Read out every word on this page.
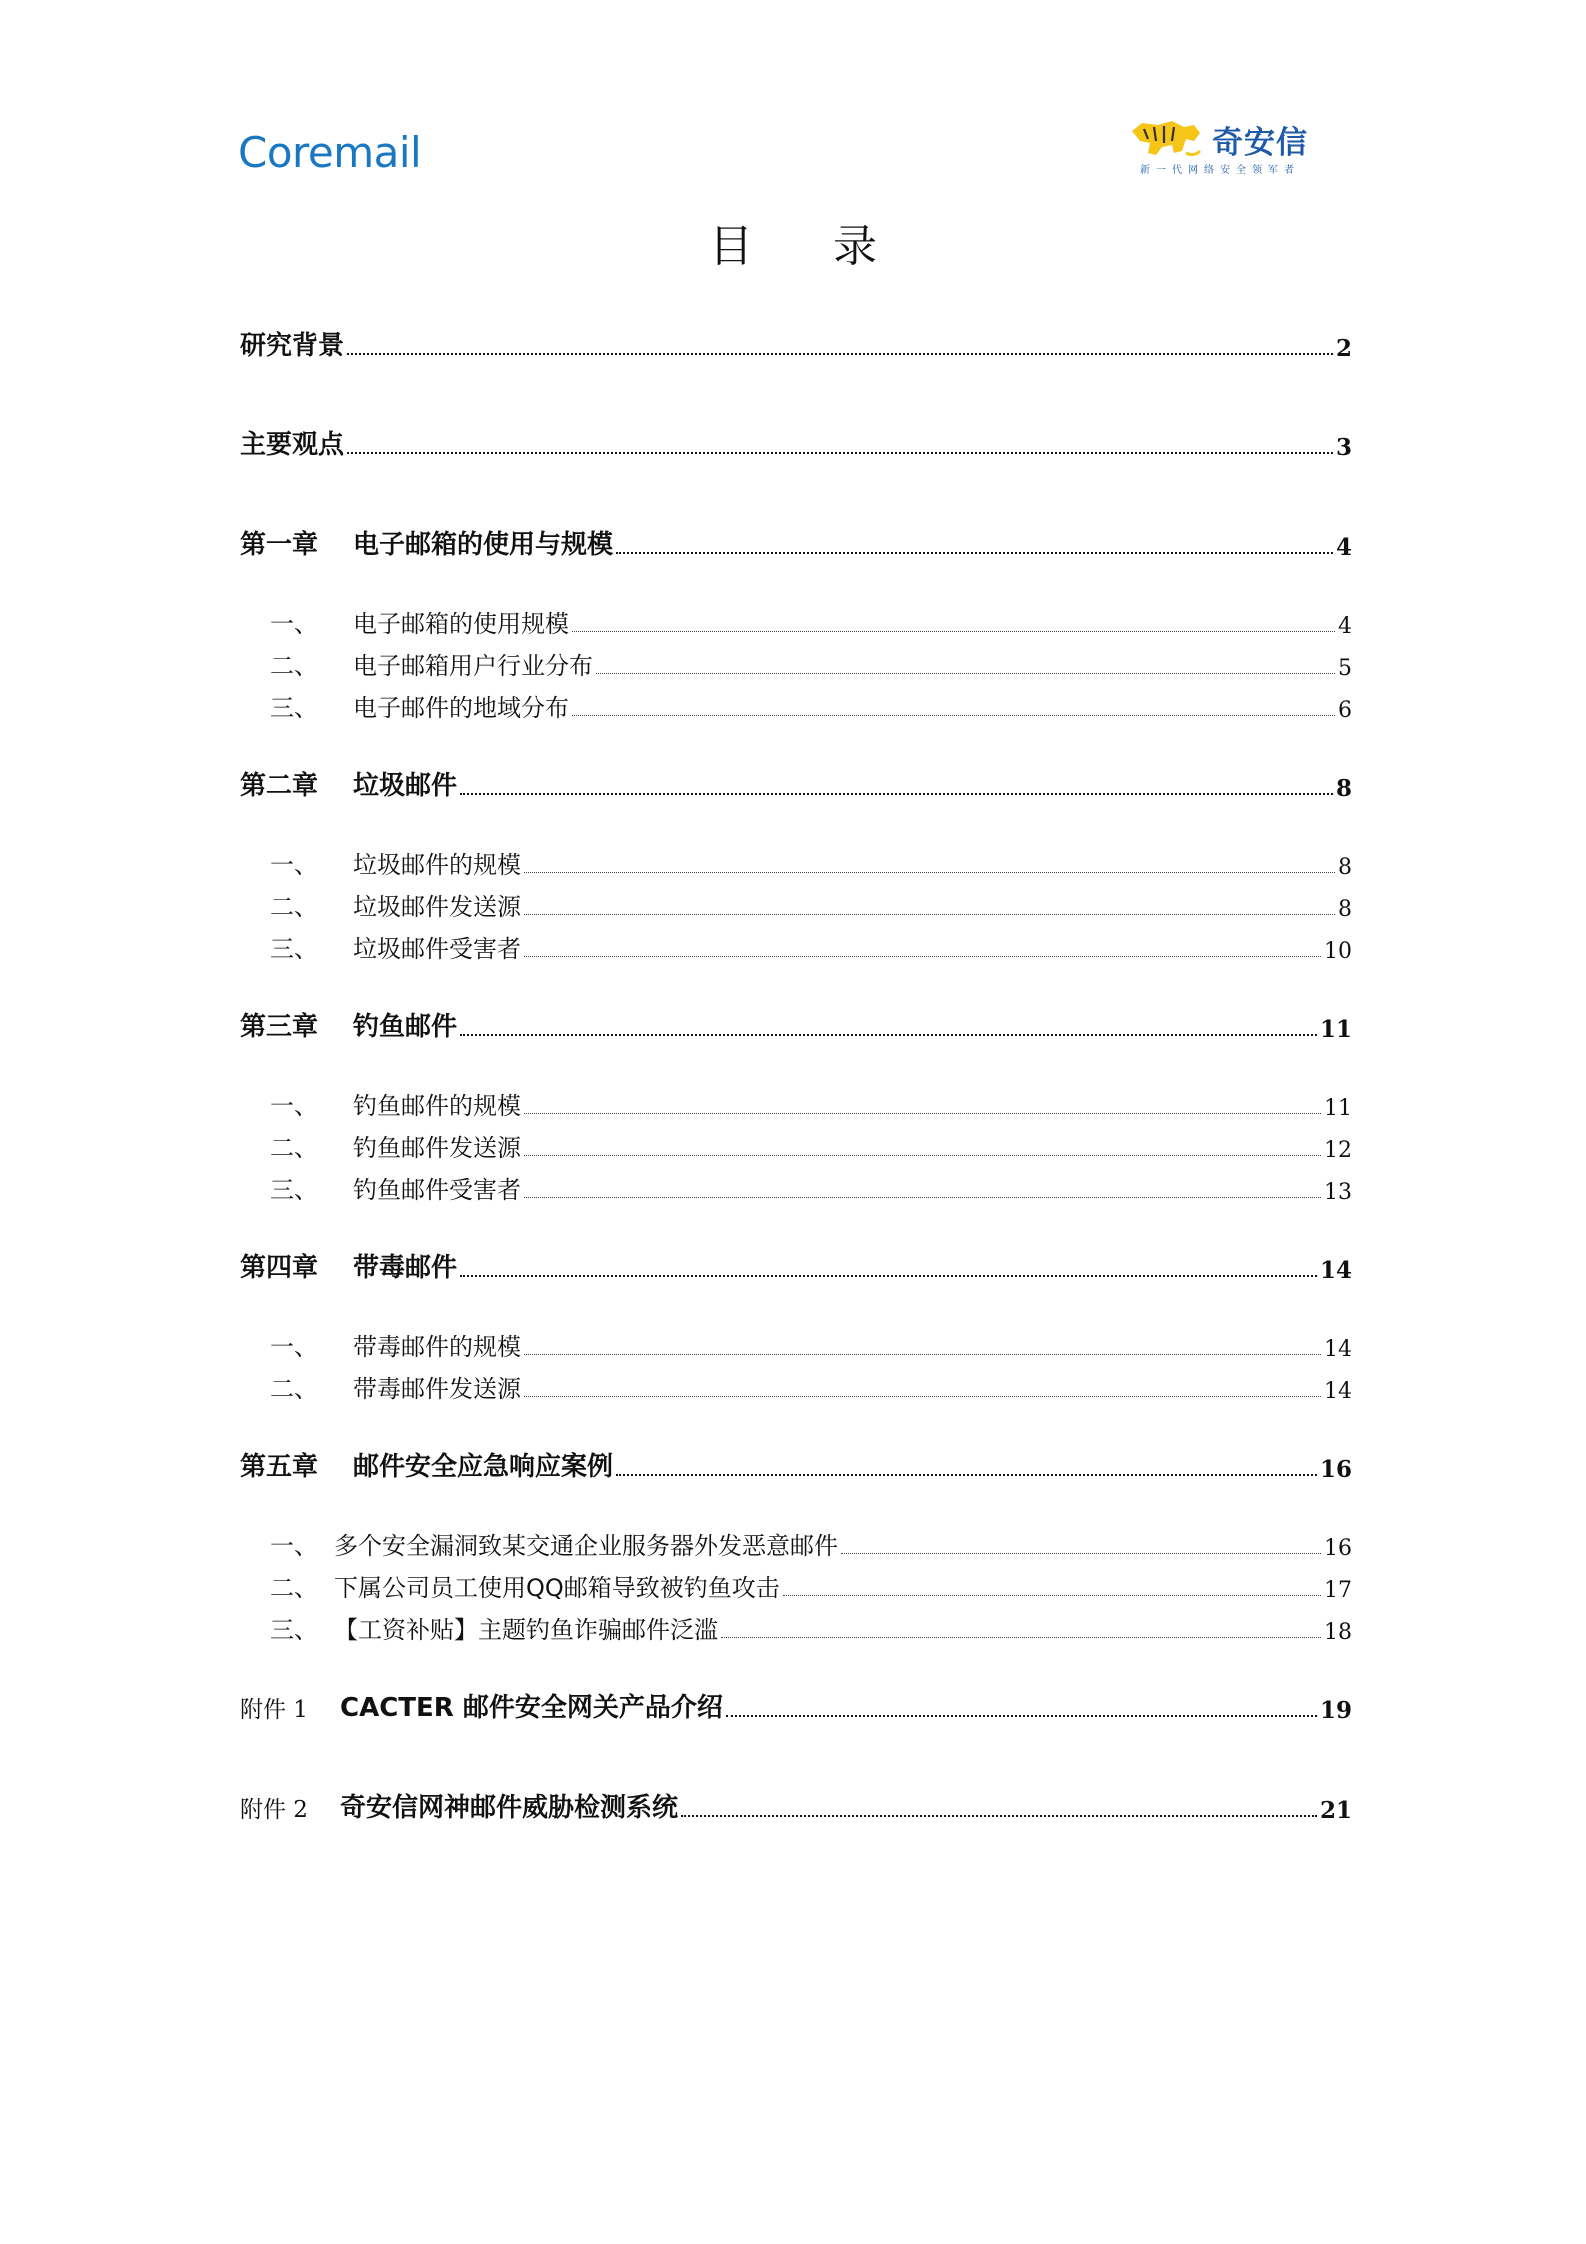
Coremail	奇安信
新一代网络安全领军者
目录
研究背景	2
主要观点	3
第一章	电子邮箱的使用与规模	4
一、	电子邮箱的使用规模	4
二、	电子邮箱用户行业分布	5
三、	电子邮件的地域分布	6
第二章	垃圾邮件	8
一、	垃圾邮件的规模	8
二、	垃圾邮件发送源	8
三、	垃圾邮件受害者	10
第三章	钓鱼邮件	11
一、	钓鱼邮件的规模	11
二、	钓鱼邮件发送源	12
三、	钓鱼邮件受害者	13
第四章	带毒邮件	14
一、	带毒邮件的规模	14
二、	带毒邮件发送源	14
第五章	邮件安全应急响应案例	16
一、 多个安全漏洞致某交通企业服务器外发恶意邮件	16
二、 下属公司员工使用QQ邮箱导致被钓鱼攻击	17
三、 【工资补贴】主题钓鱼诈骗邮件泛滥	18
附件 1	CACTER 邮件安全网关产品介绍	19
附件 2	奇安信网神邮件威胁检测系统	21
